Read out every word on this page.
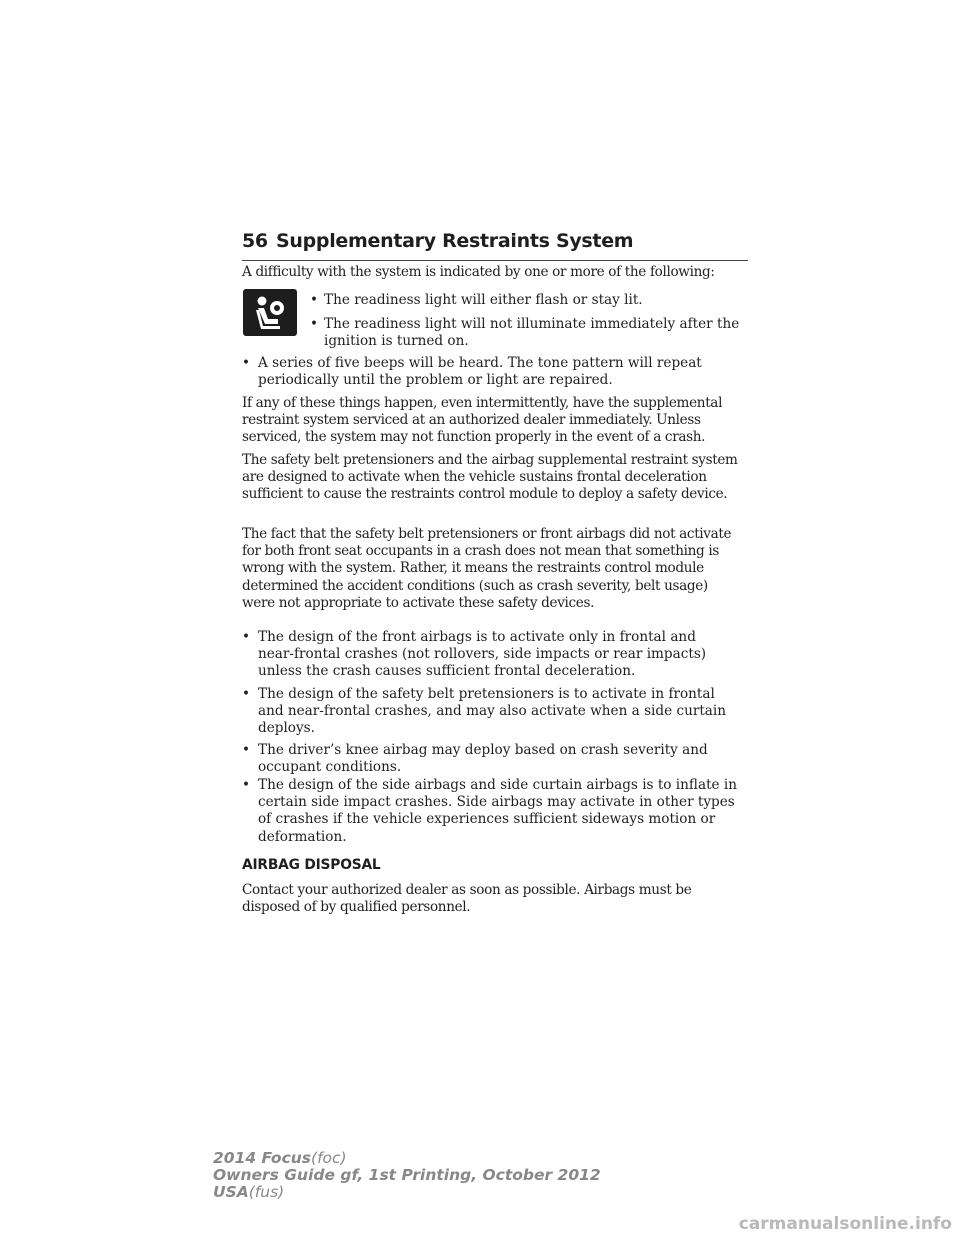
56 Supplementary Restraints System
A difficulty with the system is indicated by one or more of the following:
• The readiness light will either flash or stay lit.
• The readiness light will not illuminate immediately after the ignition is turned on.
• A series of five beeps will be heard. The tone pattern will repeat periodically until the problem or light are repaired.
If any of these things happen, even intermittently, have the supplemental restraint system serviced at an authorized dealer immediately. Unless serviced, the system may not function properly in the event of a crash.
The safety belt pretensioners and the airbag supplemental restraint system are designed to activate when the vehicle sustains frontal deceleration sufficient to cause the restraints control module to deploy a safety device.
The fact that the safety belt pretensioners or front airbags did not activate for both front seat occupants in a crash does not mean that something is wrong with the system. Rather, it means the restraints control module determined the accident conditions (such as crash severity, belt usage) were not appropriate to activate these safety devices.
• The design of the front airbags is to activate only in frontal and near-frontal crashes (not rollovers, side impacts or rear impacts) unless the crash causes sufficient frontal deceleration.
• The design of the safety belt pretensioners is to activate in frontal and near-frontal crashes, and may also activate when a side curtain deploys.
• The driver’s knee airbag may deploy based on crash severity and occupant conditions.
• The design of the side airbags and side curtain airbags is to inflate in certain side impact crashes. Side airbags may activate in other types of crashes if the vehicle experiences sufficient sideways motion or deformation.
AIRBAG DISPOSAL
Contact your authorized dealer as soon as possible. Airbags must be disposed of by qualified personnel.
2014 Focus(foc)
Owners Guide gf, 1st Printing, October 2012
USA(fus)
carmanualsonline.info
